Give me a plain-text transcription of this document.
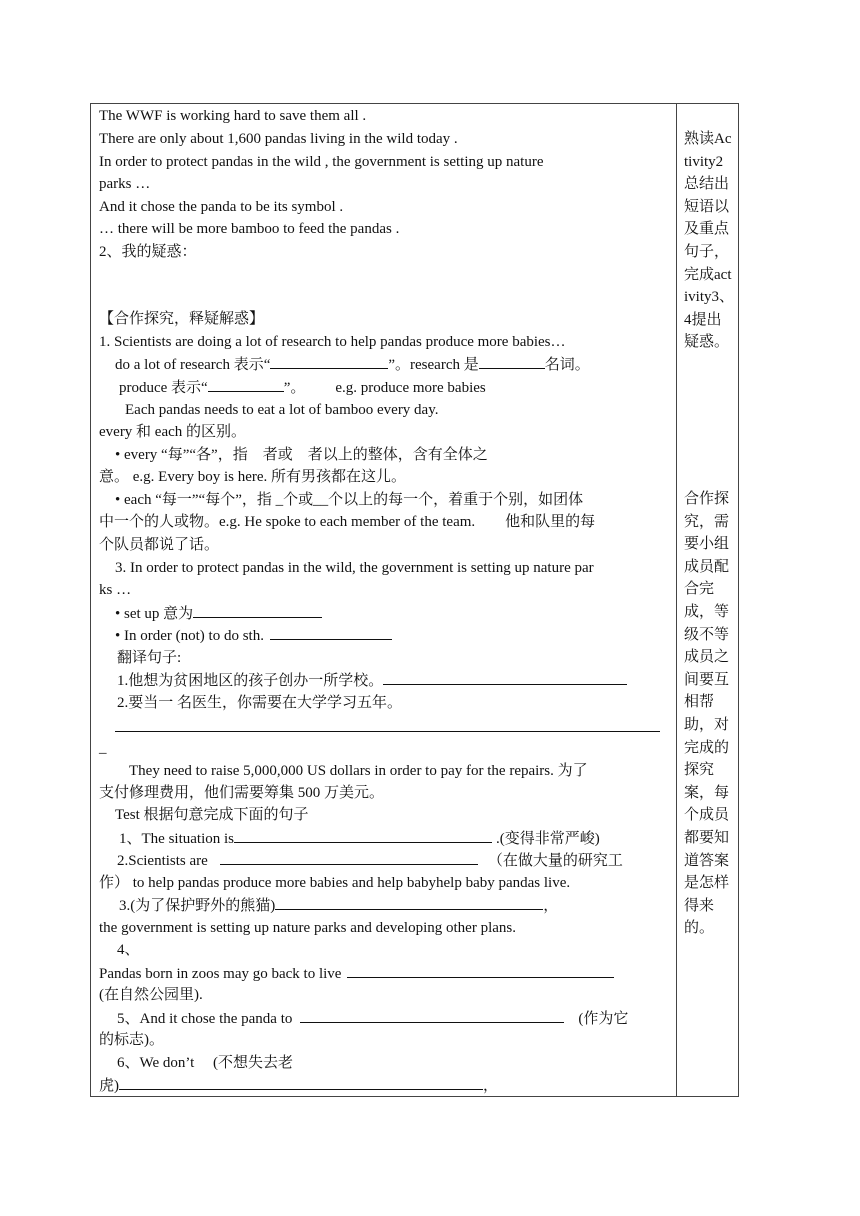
The WWF is working hard to save them all .
There are only about 1,600 pandas living in the wild today .
In order to protect pandas in the wild , the government is setting up nature
parks …
And it chose the panda to be its symbol .
… there will be more bamboo to feed the pandas .
2、我的疑惑：
【合作探究，释疑解惑】
1. Scientists are doing a lot of research to help pandas produce more babies…
do a lot of research 表示“	”。research 是	名词。
produce 表示“	”。 e.g. produce more babies
Each pandas needs to eat a lot of bamboo every day.
every 和 each 的区别。
• every “每”“各”，指　者或　者以上的整体，含有全体之
意。 e.g. Every boy is here. 所有男孩都在这儿。
• each “每一”“每个”，指 _个或__个以上的每一个，着重于个别，如团体
中一个的人或物。e.g. He spoke to each member of the team.　　他和队里的每
个队员都说了话。
3. In order to protect pandas in the wild, the government is setting up nature par
ks …
• set up 意为
• In order (not) to do sth.
翻译句子:
1.他想为贫困地区的孩子创办一所学校。
2.要当一 名医生，你需要在大学学习五年。
_
They need to raise 5,000,000 US dollars in order to pay for the repairs. 为了
支付修理费用，他们需要筹集 500 万美元。
Test 根据句意完成下面的句子
1、The situation is	.(变得非常严峻)
2.Scientists are	（在做大量的研究工
作） to help pandas produce more babies and help babyhelp baby pandas live.
3.(为了保护野外的熊猫)	，
the government is setting up nature parks and developing other plans.
4、
Pandas born in zoos may go back to live
(在自然公园里).
5、And it chose the panda to	(作为它
的标志)。
6、We don’t　 (不想失去老
虎)	，
熟读Activity2总结出短语以及重点句子，完成activity3、4提出疑惑。
合作探究，需要小组成员配合完成，等级不等成员之间要互相帮助，对完成的探究案，每个成员都要知道答案是怎样得来的。
